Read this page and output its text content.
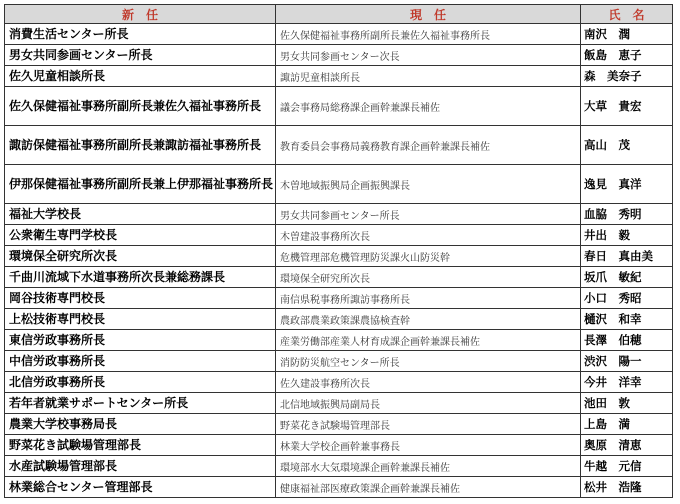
新　任	現　任	氏　名
消費生活センター所長	佐久保健福祉事務所副所長兼佐久福祉事務所長	南沢　潤
男女共同参画センター所長	男女共同参画センター次長	飯島　恵子
佐久児童相談所長	諏訪児童相談所長	森　美奈子
佐久保健福祉事務所副所長兼佐久福祉事務所長	議会事務局総務課企画幹兼課長補佐	大草　貴宏
諏訪保健福祉事務所副所長兼諏訪福祉事務所長	教育委員会事務局義務教育課企画幹兼課長補佐	高山　茂
伊那保健福祉事務所副所長兼上伊那福祉事務所長	木曽地域振興局企画振興課長	逸見　真洋
福祉大学校長	男女共同参画センター所長	血脇　秀明
公衆衛生専門学校長	木曽建設事務所次長	井出　毅
環境保全研究所次長	危機管理部危機管理防災課火山防災幹	春日　真由美
千曲川流域下水道事務所次長兼総務課長	環境保全研究所次長	坂爪　敏紀
岡谷技術専門校長	南信県税事務所諏訪事務所長	小口　秀昭
上松技術専門校長	農政部農業政策課農協検査幹	樋沢　和幸
東信労政事務所長	産業労働部産業人材育成課企画幹兼課長補佐	長澤　伯穂
中信労政事務所長	消防防災航空センター所長	渋沢　陽一
北信労政事務所長	佐久建設事務所次長	今井　洋幸
若年者就業サポートセンター所長	北信地域振興局副局長	池田　敦
農業大学校事務局長	野菜花き試験場管理部長	上島　満
野菜花き試験場管理部長	林業大学校企画幹兼事務長	奥原　清恵
水産試験場管理部長	環境部水大気環境課企画幹兼課長補佐	牛越　元信
林業総合センター管理部長	健康福祉部医療政策課企画幹兼課長補佐	松井　浩隆
